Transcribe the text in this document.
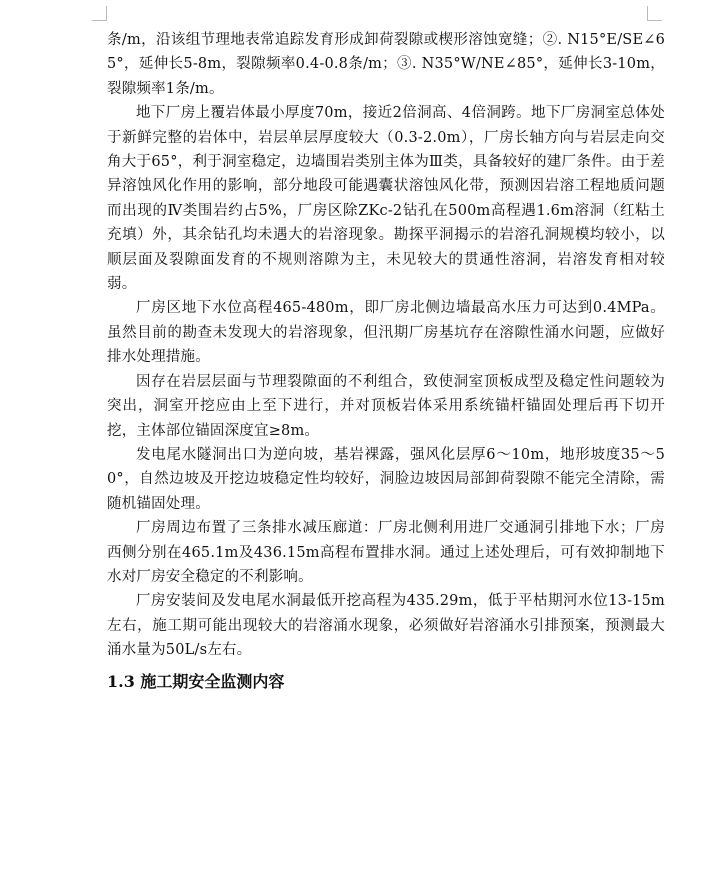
条/m，沿该组节理地表常追踪发育形成卸荷裂隙或楔形溶蚀宽缝；②. N15°E/SE∠65°，延伸长5-8m，裂隙频率0.4-0.8条/m；③. N35°W/NE∠85°，延伸长3-10m，裂隙频率1条/m。

地下厂房上覆岩体最小厚度70m，接近2倍洞高、4倍洞跨。地下厂房洞室总体处于新鲜完整的岩体中，岩层单层厚度较大（0.3-2.0m），厂房长轴方向与岩层走向交角大于65°，利于洞室稳定，边墙围岩类别主体为Ⅲ类，具备较好的建厂条件。由于差异溶蚀风化作用的影响，部分地段可能遇囊状溶蚀风化带，预测因岩溶工程地质问题而出现的Ⅳ类围岩约占5%，厂房区除ZKc-2钻孔在500m高程遇1.6m溶洞（红粘土充填）外，其余钻孔均未遇大的岩溶现象。勘探平洞揭示的岩溶孔洞规模均较小，以顺层面及裂隙面发育的不规则溶隙为主，未见较大的贯通性溶洞，岩溶发育相对较弱。

厂房区地下水位高程465-480m，即厂房北侧边墙最高水压力可达到0.4MPa。虽然目前的勘查未发现大的岩溶现象，但汛期厂房基坑存在溶隙性涌水问题，应做好排水处理措施。

因存在岩层层面与节理裂隙面的不利组合，致使洞室顶板成型及稳定性问题较为突出，洞室开挖应由上至下进行，并对顶板岩体采用系统锚杆锚固处理后再下切开挖，主体部位锚固深度宜≥8m。

发电尾水隧洞出口为逆向坡，基岩裸露，强风化层厚6～10m，地形坡度35～50°，自然边坡及开挖边坡稳定性均较好，洞脸边坡因局部卸荷裂隙不能完全清除，需随机锚固处理。

厂房周边布置了三条排水减压廊道：厂房北侧利用进厂交通洞引排地下水；厂房西侧分别在465.1m及436.15m高程布置排水洞。通过上述处理后，可有效抑制地下水对厂房安全稳定的不利影响。

厂房安装间及发电尾水洞最低开挖高程为435.29m，低于平枯期河水位13-15m左右，施工期可能出现较大的岩溶涌水现象，必须做好岩溶涌水引排预案，预测最大涌水量为50L/s左右。

1.3 施工期安全监测内容
